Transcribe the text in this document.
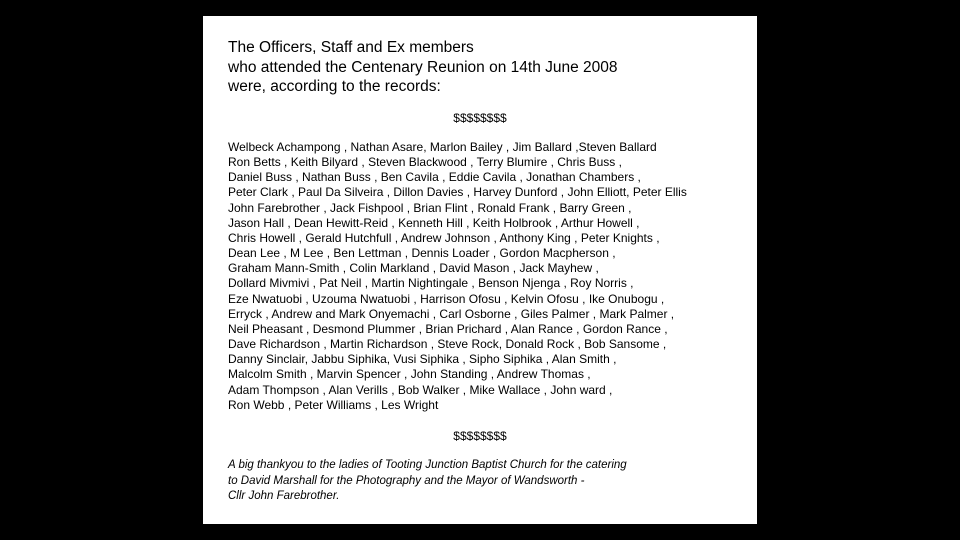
The Officers, Staff and Ex members
who attended the Centenary Reunion on 14th June 2008
were, according to the records:
$$$$$$$$
Welbeck Achampong , Nathan Asare, Marlon Bailey , Jim Ballard ,Steven Ballard
Ron Betts , Keith Bilyard , Steven Blackwood , Terry Blumire , Chris Buss ,
Daniel Buss , Nathan Buss , Ben Cavila , Eddie Cavila , Jonathan Chambers ,
Peter Clark , Paul Da Silveira , Dillon Davies , Harvey Dunford , John Elliott, Peter Ellis
John Farebrother , Jack Fishpool , Brian Flint , Ronald Frank , Barry Green ,
Jason Hall , Dean Hewitt-Reid , Kenneth Hill , Keith Holbrook , Arthur Howell ,
Chris Howell , Gerald Hutchfull , Andrew Johnson , Anthony King , Peter Knights ,
Dean Lee , M Lee , Ben Lettman , Dennis Loader , Gordon Macpherson ,
Graham Mann-Smith , Colin Markland , David Mason , Jack Mayhew ,
Dollard Mivmivi , Pat Neil , Martin Nightingale , Benson Njenga , Roy Norris ,
Eze Nwatuobi , Uzouma Nwatuobi , Harrison Ofosu , Kelvin Ofosu , Ike Onubogu ,
Erryck , Andrew and Mark Onyemachi , Carl Osborne , Giles Palmer , Mark Palmer ,
Neil Pheasant , Desmond Plummer , Brian Prichard , Alan Rance , Gordon Rance ,
Dave Richardson , Martin Richardson , Steve Rock, Donald Rock , Bob Sansome ,
Danny Sinclair, Jabbu Siphika, Vusi Siphika , Sipho Siphika , Alan Smith ,
Malcolm Smith , Marvin Spencer , John Standing , Andrew Thomas ,
Adam Thompson , Alan Verills , Bob Walker , Mike Wallace , John ward ,
Ron Webb , Peter Williams , Les Wright
$$$$$$$$
A big thankyou to the ladies of Tooting Junction Baptist Church for the catering
to David Marshall for the Photography and the Mayor of Wandsworth -
Cllr John Farebrother.
